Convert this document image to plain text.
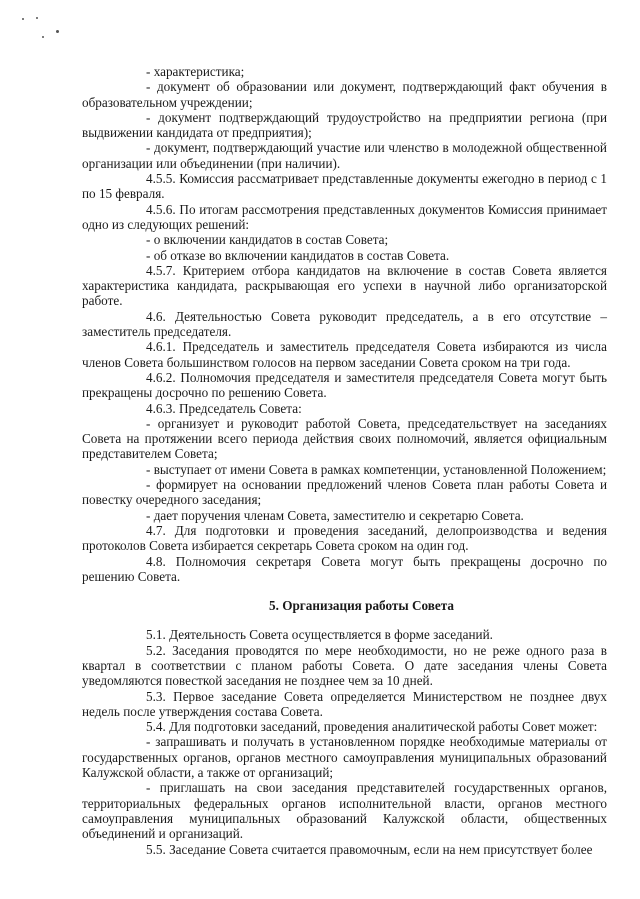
- характеристика;

- документ об образовании или документ, подтверждающий факт обучения в образовательном учреждении;

- документ подтверждающий трудоустройство на предприятии региона (при выдвижении кандидата от предприятия);

- документ, подтверждающий участие или членство в молодежной общественной организации или объединении (при наличии).

4.5.5. Комиссия рассматривает представленные документы ежегодно в период с 1 по 15 февраля.

4.5.6. По итогам рассмотрения представленных документов Комиссия принимает одно из следующих решений:

- о включении кандидатов в состав Совета;

- об отказе во включении кандидатов в состав Совета.

4.5.7. Критерием отбора кандидатов на включение в состав Совета является характеристика кандидата, раскрывающая его успехи в научной либо организаторской работе.

4.6. Деятельностью Совета руководит председатель, а в его отсутствие – заместитель председателя.

4.6.1. Председатель и заместитель председателя Совета избираются из числа членов Совета большинством голосов на первом заседании Совета сроком на три года.

4.6.2. Полномочия председателя и заместителя председателя Совета могут быть прекращены досрочно по решению Совета.

4.6.3. Председатель Совета:

- организует и руководит работой Совета, председательствует на заседаниях Совета на протяжении всего периода действия своих полномочий, является официальным представителем Совета;

- выступает от имени Совета в рамках компетенции, установленной Положением;

- формирует на основании предложений членов Совета план работы Совета и повестку очередного заседания;

- дает поручения членам Совета, заместителю и секретарю Совета.

4.7. Для подготовки и проведения заседаний, делопроизводства и ведения протоколов Совета избирается секретарь Совета сроком на один год.

4.8. Полномочия секретаря Совета могут быть прекращены досрочно по решению Совета.

5. Организация работы Совета

5.1. Деятельность Совета осуществляется в форме заседаний.

5.2. Заседания проводятся по мере необходимости, но не реже одного раза в квартал в соответствии с планом работы Совета. О дате заседания члены Совета уведомляются повесткой заседания не позднее чем за 10 дней.

5.3. Первое заседание Совета определяется Министерством не позднее двух недель после утверждения состава Совета.

5.4. Для подготовки заседаний, проведения аналитической работы Совет может:

- запрашивать и получать в установленном порядке необходимые материалы от государственных органов, органов местного самоуправления муниципальных образований Калужской области, а также от организаций;

- приглашать на свои заседания представителей государственных органов, территориальных федеральных органов исполнительной власти, органов местного самоуправления муниципальных образований Калужской области, общественных объединений и организаций.

5.5. Заседание Совета считается правомочным, если на нем присутствует более
